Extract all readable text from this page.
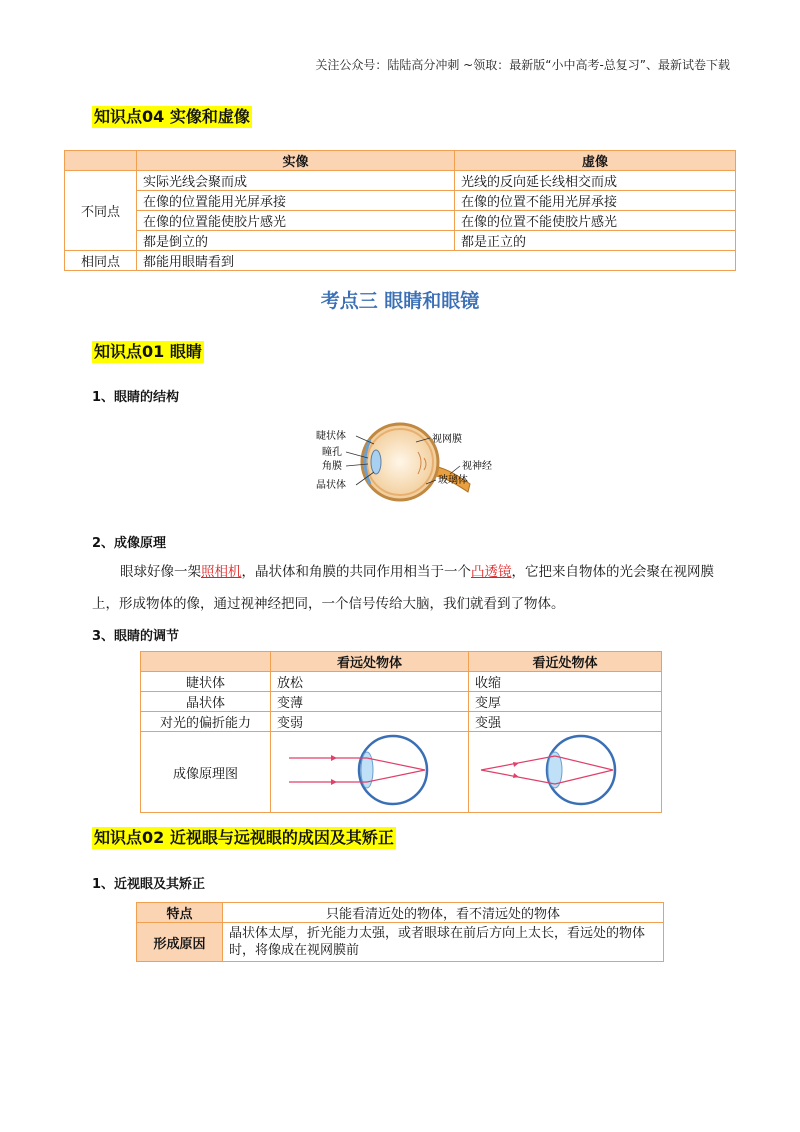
关注公众号：陆陆高分冲刺 ~领取：最新版“小中高考-总复习”、最新试卷下载
知识点04 实像和虚像
	实像	虚像
不同点	实际光线会聚而成	光线的反向延长线相交而成
	在像的位置能用光屏承接	在像的位置不能用光屏承接
	在像的位置能使胶片感光	在像的位置不能使胶片感光
	都是倒立的	都是正立的
相同点	都能用眼睛看到	
考点三 眼睛和眼镜
知识点01 眼睛
1、眼睛的结构
睫状体
瞳孔
角膜
晶状体
视网膜
视神经
玻璃体
2、成像原理
眼球好像一架照相机，晶状体和角膜的共同作用相当于一个凸透镜，它把来自物体的光会聚在视网膜上，形成物体的像，通过视神经把同，一个信号传给大脑，我们就看到了物体。
3、眼睛的调节
	看远处物体	看近处物体
睫状体	放松	收缩
晶状体	变薄	变厚
对光的偏折能力	变弱	变强
成像原理图		
知识点02 近视眼与远视眼的成因及其矫正
1、近视眼及其矫正
特点	只能看清近处的物体，看不清远处的物体
形成原因	晶状体太厚，折光能力太强，或者眼球在前后方向上太长，看远处的物体时，将像成在视网膜前
